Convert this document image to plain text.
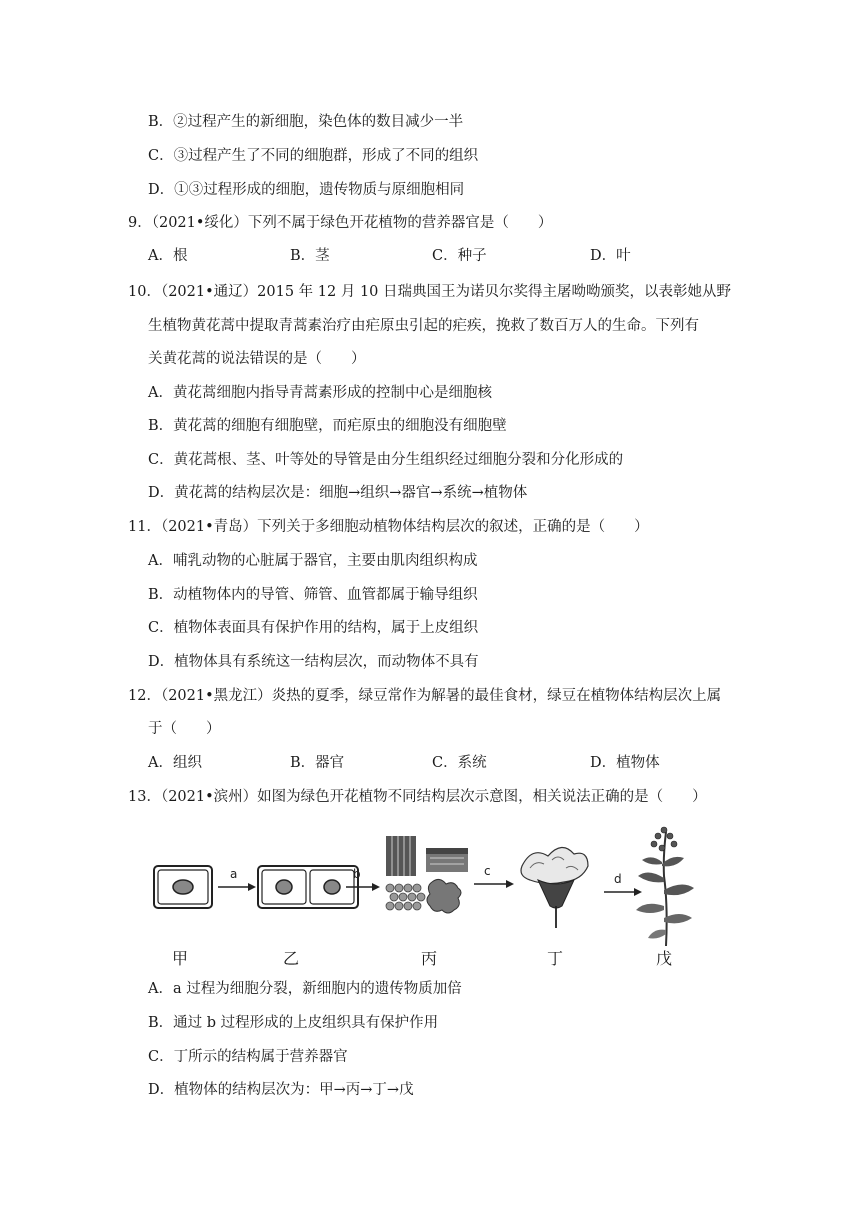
B．②过程产生的新细胞，染色体的数目减少一半
C．③过程产生了不同的细胞群，形成了不同的组织
D．①③过程形成的细胞，遗传物质与原细胞相同
9．（2021•绥化）下列不属于绿色开花植物的营养器官是（　　）
A．根	B．茎	C．种子	D．叶
10．（2021•通辽）2015 年 12 月 10 日瑞典国王为诺贝尔奖得主屠呦呦颁奖，以表彰她从野
生植物黄花蒿中提取青蒿素治疗由疟原虫引起的疟疾，挽救了数百万人的生命。下列有
关黄花蒿的说法错误的是（　　）
A．黄花蒿细胞内指导青蒿素形成的控制中心是细胞核
B．黄花蒿的细胞有细胞壁，而疟原虫的细胞没有细胞壁
C．黄花蒿根、茎、叶等处的导管是由分生组织经过细胞分裂和分化形成的
D．黄花蒿的结构层次是：细胞→组织→器官→系统→植物体
11．（2021•青岛）下列关于多细胞动植物体结构层次的叙述，正确的是（　　）
A．哺乳动物的心脏属于器官，主要由肌肉组织构成
B．动植物体内的导管、筛管、血管都属于输导组织
C．植物体表面具有保护作用的结构，属于上皮组织
D．植物体具有系统这一结构层次，而动物体不具有
12．（2021•黑龙江）炎热的夏季，绿豆常作为解暑的最佳食材，绿豆在植物体结构层次上属
于（　　）
A．组织	B．器官	C．系统	D．植物体
13．（2021•滨州）如图为绿色开花植物不同结构层次示意图，相关说法正确的是（　　）
a	b	c
d
甲	乙	丙	丁	戊
A．a 过程为细胞分裂，新细胞内的遗传物质加倍
B．通过 b 过程形成的上皮组织具有保护作用
C．丁所示的结构属于营养器官
D．植物体的结构层次为：甲→丙→丁→戊
